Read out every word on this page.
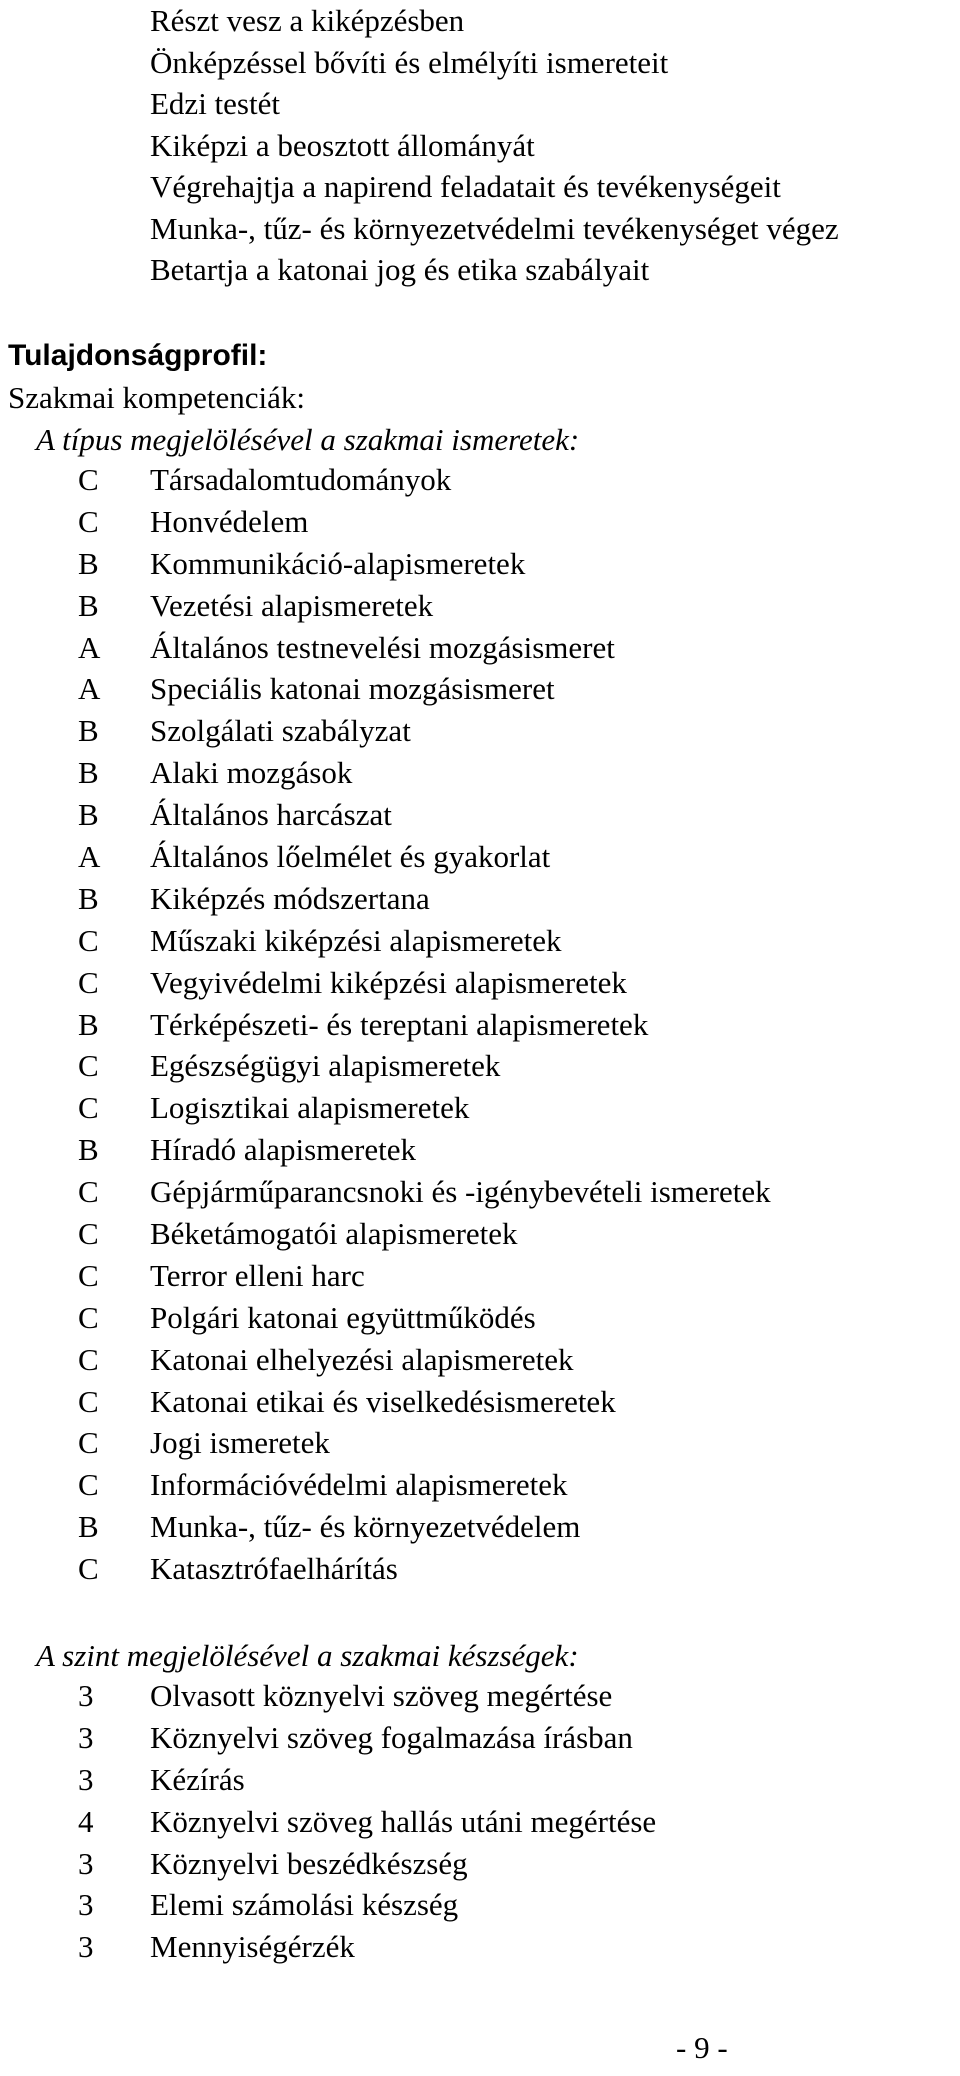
Részt vesz a kiképzésben
Önképzéssel bővíti és elmélyíti ismereteit
Edzi testét
Kiképzi a beosztott állományát
Végrehajtja a napirend feladatait és tevékenységeit
Munka-, tűz- és környezetvédelmi tevékenységet végez
Betartja a katonai jog és etika szabályait
Tulajdonságprofil:
Szakmai kompetenciák:
A típus megjelölésével a szakmai ismeretek:
C Társadalomtudományok
C Honvédelem
B Kommunikáció-alapismeretek
B Vezetési alapismeretek
A Általános testnevelési mozgásismeret
A Speciális katonai mozgásismeret
B Szolgálati szabályzat
B Alaki mozgások
B Általános harcászat
A Általános lőelmélet és gyakorlat
B Kiképzés módszertana
C Műszaki kiképzési alapismeretek
C Vegyivédelmi kiképzési alapismeretek
B Térképészeti- és tereptani alapismeretek
C Egészségügyi alapismeretek
C Logisztikai alapismeretek
B Híradó alapismeretek
C Gépjárműparancsnoki és -igénybevételi ismeretek
C Béketámogatói alapismeretek
C Terror elleni harc
C Polgári katonai együttműködés
C Katonai elhelyezési alapismeretek
C Katonai etikai és viselkedésismeretek
C Jogi ismeretek
C Információvédelmi alapismeretek
B Munka-, tűz- és környezetvédelem
C Katasztrófaelhárítás
A szint megjelölésével a szakmai készségek:
3 Olvasott köznyelvi szöveg megértése
3 Köznyelvi szöveg fogalmazása írásban
3 Kézírás
4 Köznyelvi szöveg hallás utáni megértése
3 Köznyelvi beszédkészség
3 Elemi számolási készség
3 Mennyiségérzék
- 9 -
